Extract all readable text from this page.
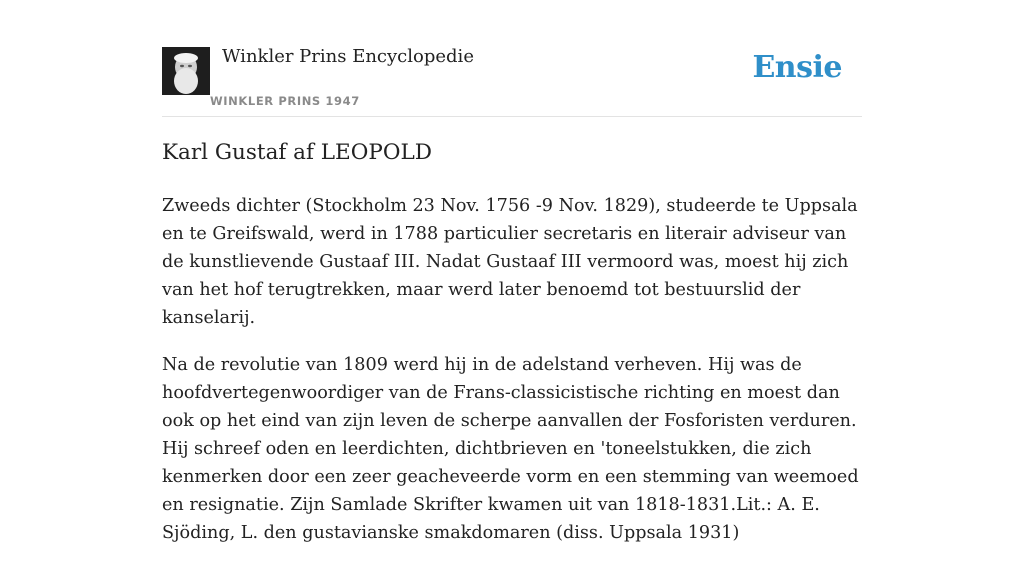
Winkler Prins Encyclopedie
WINKLER PRINS 1947
Ensie
Karl Gustaf af LEOPOLD

Zweeds dichter (Stockholm 23 Nov. 1756 -9 Nov. 1829), studeerde te Uppsala en te Greifswald, werd in 1788 particulier secretaris en literair adviseur van de kunstlievende Gustaaf III. Nadat Gustaaf III vermoord was, moest hij zich van het hof terugtrekken, maar werd later benoemd tot bestuurslid der kanselarij.

Na de revolutie van 1809 werd hij in de adelstand verheven. Hij was de hoofdvertegenwoordiger van de Frans-classicistische richting en moest dan ook op het eind van zijn leven de scherpe aanvallen der Fosforisten verduren. Hij schreef oden en leerdichten, dichtbrieven en 'toneelstukken, die zich kenmerken door een zeer geacheveerde vorm en een stemming van weemoed en resignatie. Zijn Samlade Skrifter kwamen uit van 1818-1831.Lit.: A. E. Sjöding, L. den gustavianske smakdomaren (diss. Uppsala 1931)
